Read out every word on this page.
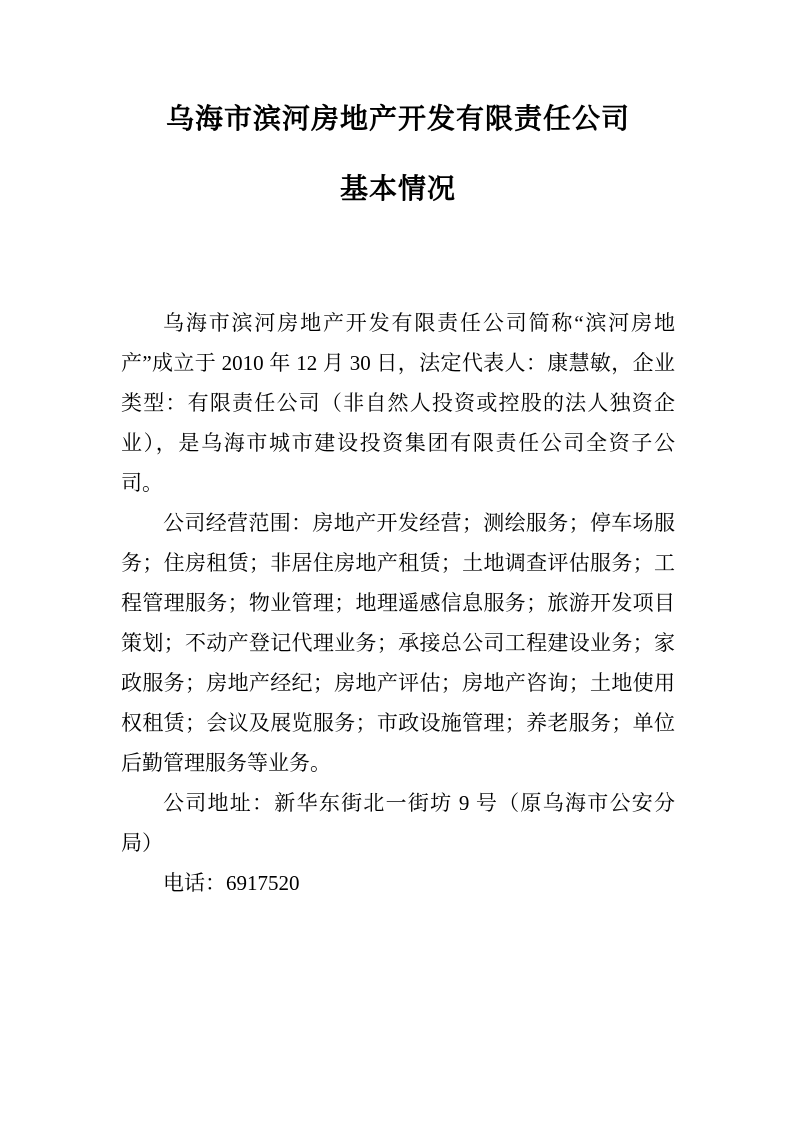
乌海市滨河房地产开发有限责任公司
基本情况

乌海市滨河房地产开发有限责任公司简称“滨河房地产”成立于 2010 年 12 月 30 日，法定代表人：康慧敏，企业类型：有限责任公司（非自然人投资或控股的法人独资企业），是乌海市城市建设投资集团有限责任公司全资子公司。

公司经营范围：房地产开发经营；测绘服务；停车场服务；住房租赁；非居住房地产租赁；土地调查评估服务；工程管理服务；物业管理；地理遥感信息服务；旅游开发项目策划；不动产登记代理业务；承接总公司工程建设业务；家政服务；房地产经纪；房地产评估；房地产咨询；土地使用权租赁；会议及展览服务；市政设施管理；养老服务；单位后勤管理服务等业务。

公司地址：新华东街北一街坊 9 号（原乌海市公安分局）

电话：6917520
